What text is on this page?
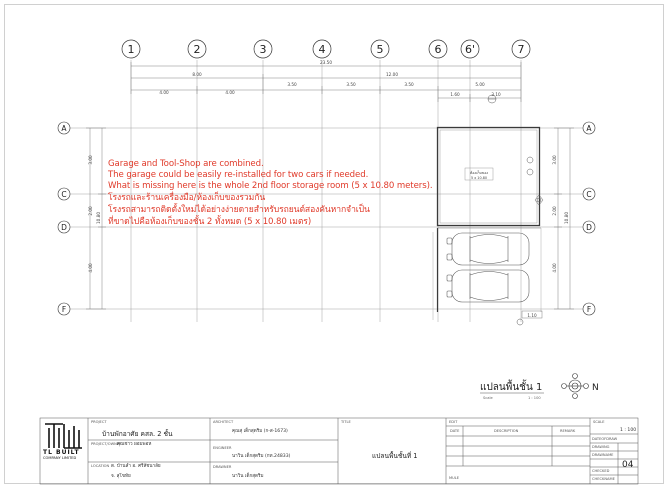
1	2	3	4	5	6 6'	7
A
C
D
F
A
C
D
F
23.50
8.00	12.00
4.00	4.00
3.50	3.50	3.50	5.00
1.60	3.10
1.10
ห้องเก็บของ
5 x 10.80
3.00
2.00
4.00
10.80
3.00
2.00
4.00
10.80
แปลนพื้นชั้น 1
Scale	1 : 100
N
Garage and Tool-Shop are combined.
The garage could be easily re-installed for two cars if needed.
What is missing here is the whole 2nd floor storage room (5 x 10.80 meters).
โรงรถและร้านเครื่องมือ/ห้องเก็บของรวมกัน
โรงรถสามารถติดตั้งใหม่ได้อย่างง่ายดายสำหรับรถยนต์สองคันหากจำเป็น
ที่ขาดไปคือห้องเก็บของชั้น 2 ทั้งหมด (5 x 10.80 เมตร)
TL BUILT
COMPANY LIMITED
PROJECT
บ้านพักอาศัย คสล. 2 ชั้น
PROJECT/OWNER
คุณชาว ผอมพอห
LOCATION ต. บ้านลำ อ. ศรีสัชนาลัย
จ. สุโขทัย
ARCHITECT
คุณสุ เด็กสุดริม (ก-ส-1673)
ENGINEER
นาวิน เด็กสุดริม (กท.24833)
DRAWNER
นาวิน เด็กสุดริม
TITLE
แปลนพื้นชั้นที่ 1
EDIT
DATE	DESCRIPTION	REMARK
MULE
SCALE
1 : 100
DATEOFDRAW
DRAWING
DRAWNAME
CHECKED
CHECKNAME
04
